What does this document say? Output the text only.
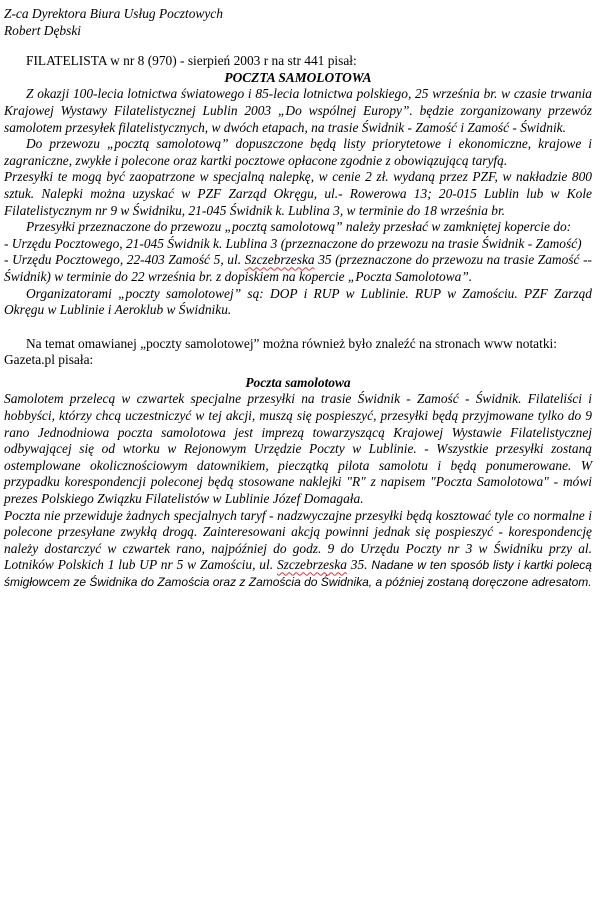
Z-ca Dyrektora Biura Usług Pocztowych

Robert Dębski

FILATELISTA w nr 8 (970) - sierpień 2003 r na str 441 pisał:

POCZTA SAMOLOTOWA

Z okazji 100-lecia lotnictwa światowego i 85-lecia lotnictwa polskiego, 25 września br. w czasie trwania Krajowej Wystawy Filatelistycznej Lublin 2003 „Do wspólnej Europy”. będzie zorganizowany przewóz samolotem przesyłek filatelistycznych, w dwóch etapach, na trasie Świdnik - Zamość i Zamość - Świdnik.

Do przewozu „pocztą samolotową” dopuszczone będą listy priorytetowe i ekonomiczne, krajowe i zagraniczne, zwykłe i polecone oraz kartki pocztowe opłacone zgodnie z obowiązującą taryfą.

Przesyłki te mogą być zaopatrzone w specjalną nalepkę, w cenie 2 zł. wydaną przez PZF, w nakładzie 800 sztuk. Nalepki można uzyskać w PZF Zarząd Okręgu, ul.- Rowerowa 13; 20-015 Lublin lub w Kole Filatelistycznym nr 9 w Świdniku, 21-045 Świdnik k. Lublina 3, w terminie do 18 września br.

Przesyłki przeznaczone do przewozu „pocztą samolotową” należy przesłać w zamkniętej kopercie do:

- Urzędu Pocztowego, 21-045 Świdnik k. Lublina 3 (przeznaczone do przewozu na trasie Świdnik - Zamość)

- Urzędu Pocztowego, 22-403 Zamość 5, ul. Szczebrzeska 35 (przeznaczone do przewozu na trasie Zamość -- Świdnik) w terminie do 22 września br. z dopiskiem na kopercie „Poczta Samolotowa”.

Organizatorami „poczty samolotowej” są: DOP i RUP w Lublinie. RUP w Zamościu. PZF Zarząd Okręgu w Lublinie i Aeroklub w Świdniku.

Na temat omawianej „poczty samolotowej” można również było znaleźć na stronach www notatki:

Gazeta.pl pisała:

Poczta samolotowa

Samolotem przelecą w czwartek specjalne przesyłki na trasie Świdnik - Zamość - Świdnik. Filateliści i hobbyści, którzy chcą uczestniczyć w tej akcji, muszą się pospieszyć, przesyłki będą przyjmowane tylko do 9 rano Jednodniowa poczta samolotowa jest imprezą towarzyszącą Krajowej Wystawie Filatelistycznej odbywającej się od wtorku w Rejonowym Urzędzie Poczty w Lublinie. - Wszystkie przesyłki zostaną ostemplowane okolicznościowym datownikiem, pieczątką pilota samolotu i będą ponumerowane. W przypadku korespondencji poleconej będą stosowane naklejki "R" z napisem "Poczta Samolotowa" - mówi prezes Polskiego Związku Filatelistów w Lublinie Józef Domagała.

Poczta nie przewiduje żadnych specjalnych taryf - nadzwyczajne przesyłki będą kosztować tyle co normalne i polecone przesyłane zwykłą drogą. Zainteresowani akcją powinni jednak się pospieszyć - korespondencję należy dostarczyć w czwartek rano, najpóźniej do godz. 9 do Urzędu Poczty nr 3 w Świdniku przy al. Lotników Polskich 1 lub UP nr 5 w Zamościu, ul. Szczebrzeska 35. Nadane w ten sposób listy i kartki polecą śmigłowcem ze Świdnika do Zamościa oraz z Zamościa do Świdnika, a później zostaną doręczone adresatom.
